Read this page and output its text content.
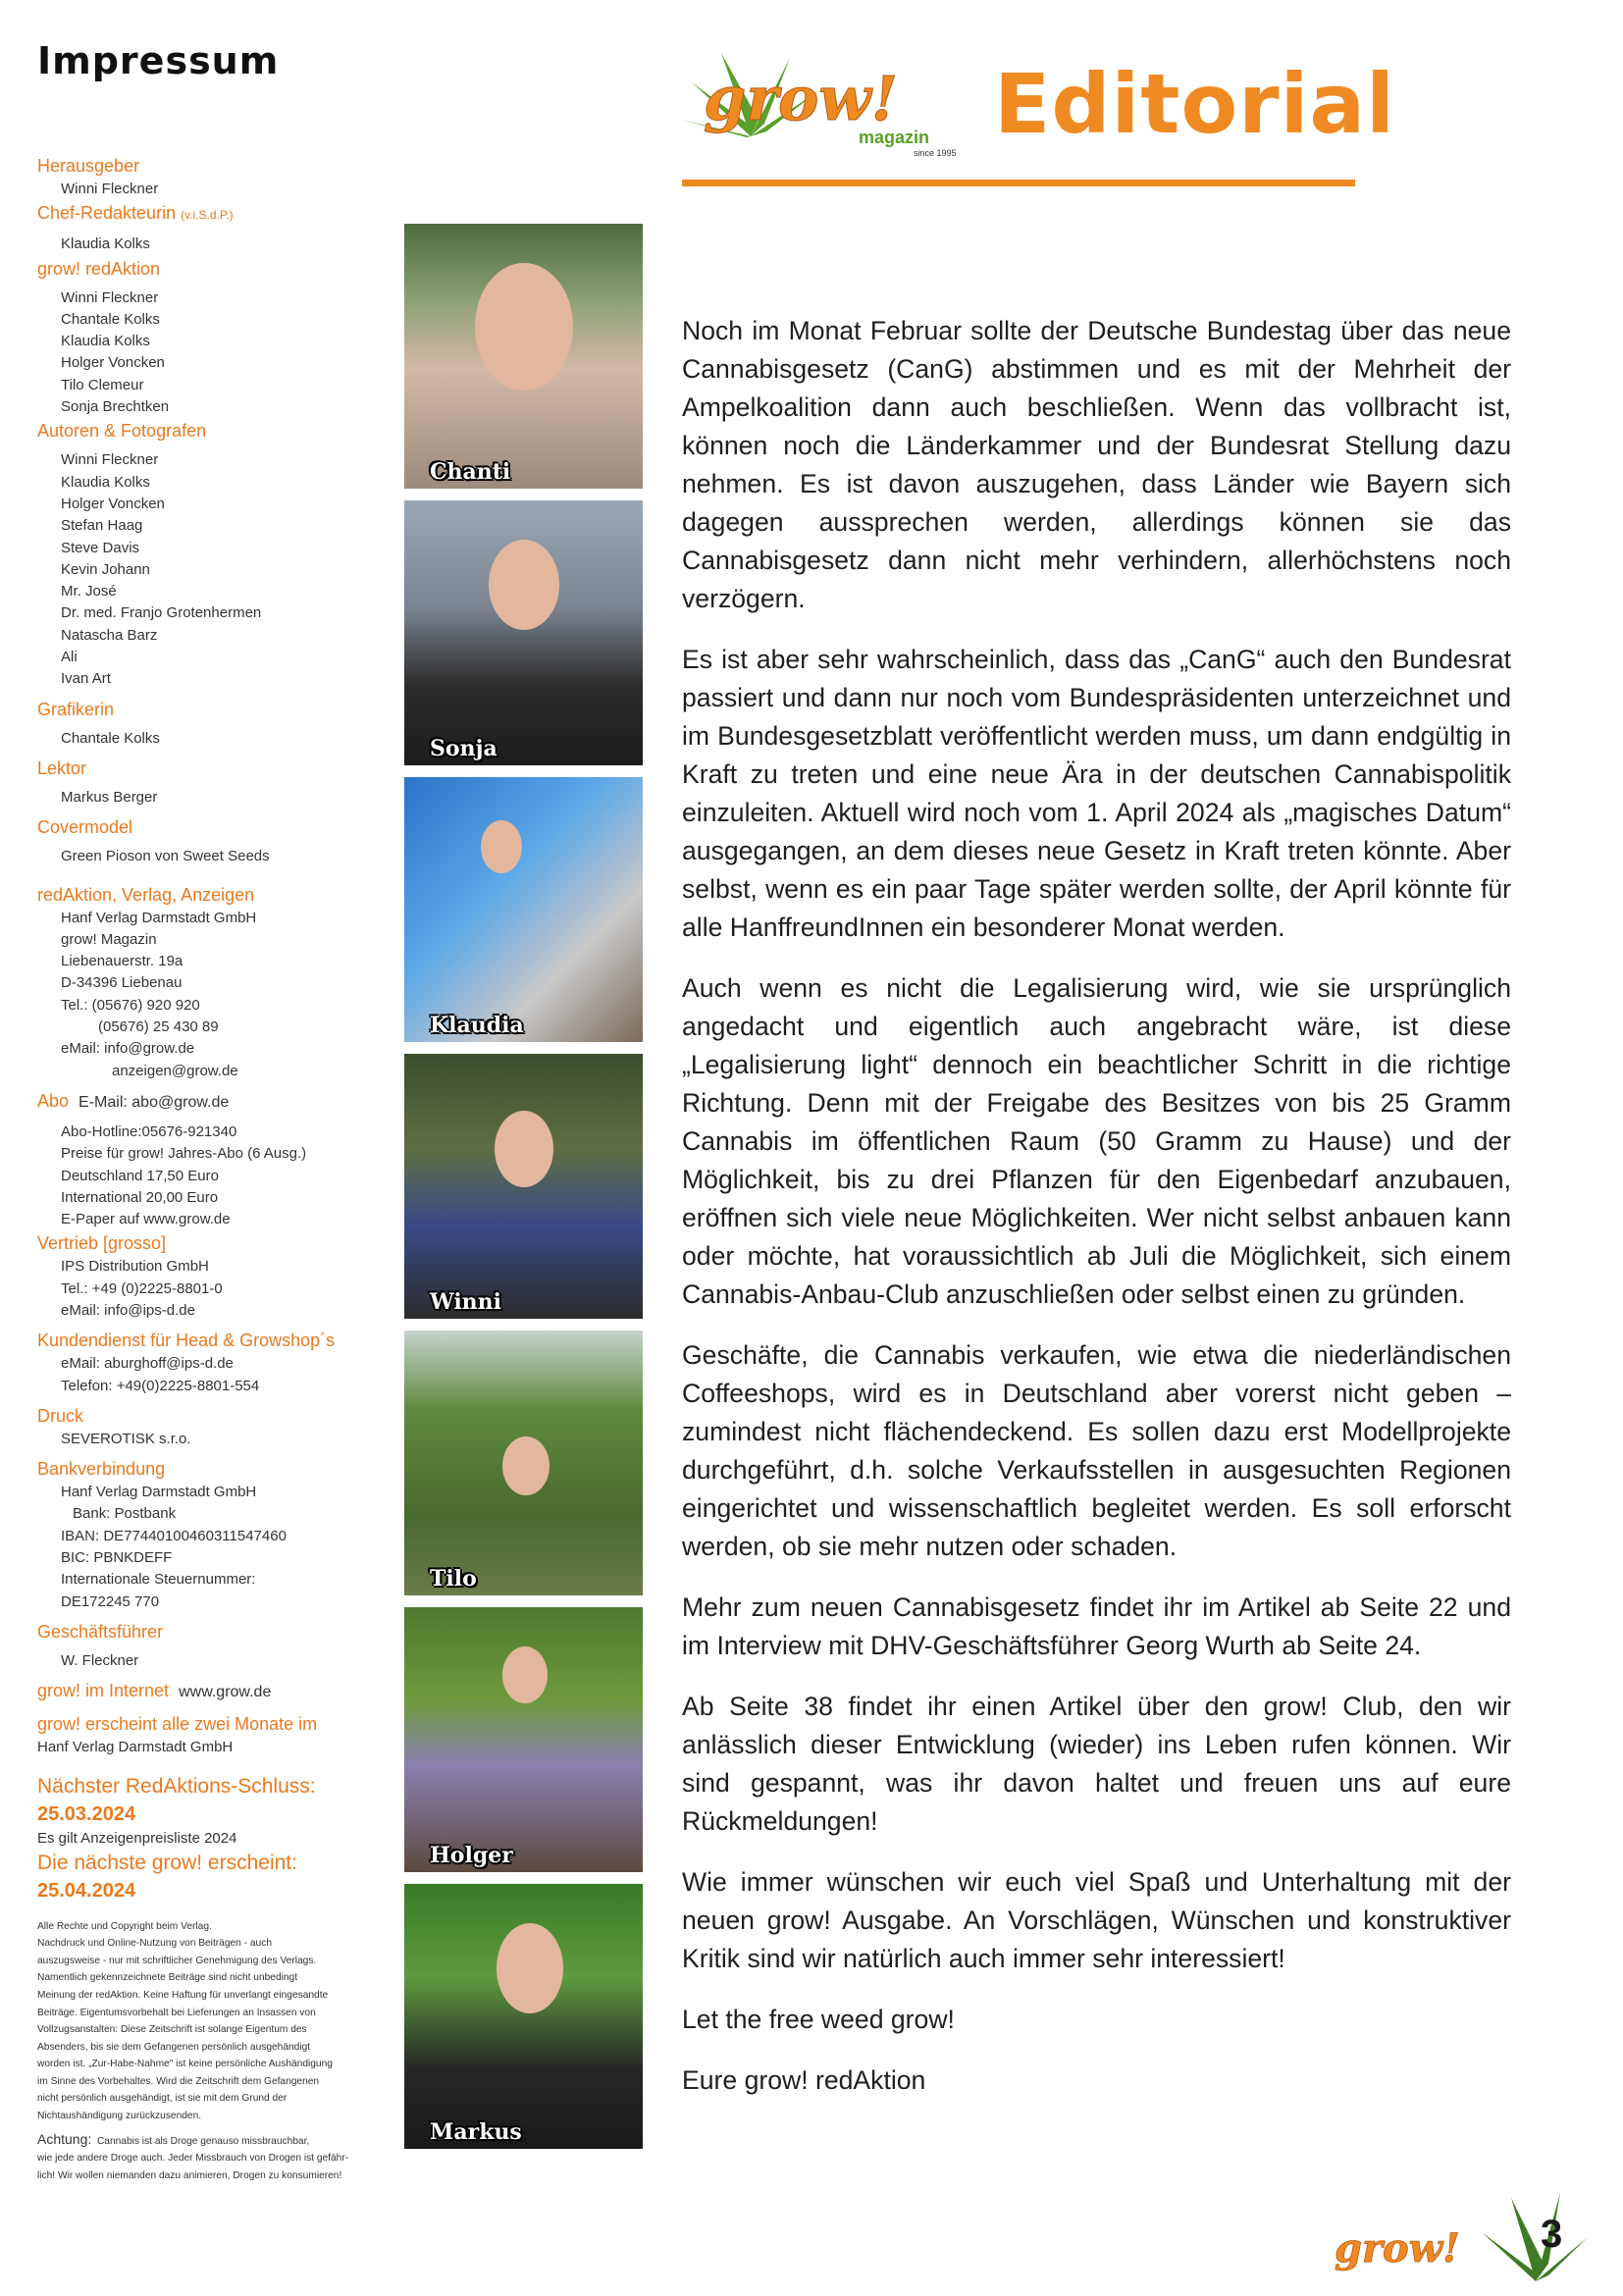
Impressum

Herausgeber

Winni Fleckner

Chef-Redakteurin (v.i.S.d.P.)

Klaudia Kolks

grow! redAktion

Winni Fleckner

Chantale Kolks

Klaudia Kolks

Holger Voncken

Tilo Clemeur

Sonja Brechtken

Autoren & Fotografen

Winni Fleckner

Klaudia Kolks

Holger Voncken

Stefan Haag

Steve Davis

Kevin Johann

Mr. José

Dr. med. Franjo Grotenhermen

Natascha Barz

Ali

Ivan Art

Grafikerin

Chantale Kolks

Lektor

Markus Berger

Covermodel

Green Pioson von Sweet Seeds

redAktion, Verlag, Anzeigen

Hanf Verlag Darmstadt GmbH

grow! Magazin

Liebenauerstr. 19a

D-34396 Liebenau

Tel.: (05676) 920 920

(05676) 25 430 89

eMail: info@grow.de

anzeigen@grow.de

Abo E-Mail: abo@grow.de

Abo-Hotline:05676-921340

Preise für grow! Jahres-Abo (6 Ausg.)

Deutschland 17,50 Euro

International 20,00 Euro

E-Paper auf www.grow.de

Vertrieb [grosso]

IPS Distribution GmbH

Tel.: +49 (0)2225-8801-0

eMail: info@ips-d.de

Kundendienst für Head & Growshop´s

eMail: aburghoff@ips-d.de

Telefon: +49(0)2225-8801-554

Druck

SEVEROTISK s.r.o.

Bankverbindung

Hanf Verlag Darmstadt GmbH

Bank: Postbank

IBAN: DE77440100460311547460

BIC: PBNKDEFF

Internationale Steuernummer:

DE172245 770

Geschäftsführer

W. Fleckner

grow! im Internet www.grow.de

grow! erscheint alle zwei Monate im

Hanf Verlag Darmstadt GmbH

Nächster RedAktions-Schluss:

25.03.2024

Es gilt Anzeigenpreisliste 2024

Die nächste grow! erscheint:

25.04.2024

Alle Rechte und Copyright beim Verlag.

Nachdruck und Online-Nutzung von Beiträgen - auch

auszugsweise - nur mit schriftlicher Genehmigung des Verlags.

Namentlich gekennzeichnete Beiträge sind nicht unbedingt

Meinung der redAktion. Keine Haftung für unverlangt eingesandte

Beiträge. Eigentumsvorbehalt bei Lieferungen an Insassen von

Vollzugsanstalten: Diese Zeitschrift ist solange Eigentum des

Absenders, bis sie dem Gefangenen persönlich ausgehändigt

worden ist. „Zur-Habe-Nahme" ist keine persönliche Aushändigung

im Sinne des Vorbehaltes. Wird die Zeitschrift dem Gefangenen

nicht persönlich ausgehändigt, ist sie mit dem Grund der

Nichtaushändigung zurückzusenden.

Achtung: Cannabis ist als Droge genauso missbrauchbar,

wie jede andere Droge auch. Jeder Missbrauch von Drogen ist gefähr-

lich! Wir wollen niemanden dazu animieren, Drogen zu konsumieren!

Chanti
Sonja
Klaudia
Winni
Tilo
Holger
Markus
grow!
magazin
since 1995
Editorial

Noch im Monat Februar sollte der Deutsche Bundestag über das neue Cannabisgesetz (CanG) abstimmen und es mit der Mehrheit der Ampelkoalition dann auch beschließen. Wenn das vollbracht ist, können noch die Länderkammer und der Bundesrat Stellung dazu nehmen. Es ist davon auszugehen, dass Länder wie Bayern sich dagegen aussprechen werden, allerdings können sie das Cannabisgesetz dann nicht mehr verhindern, allerhöchstens noch verzögern.

Es ist aber sehr wahrscheinlich, dass das „CanG“ auch den Bundesrat passiert und dann nur noch vom Bundespräsidenten unterzeichnet und im Bundesgesetzblatt veröffentlicht werden muss, um dann endgültig in Kraft zu treten und eine neue Ära in der deutschen Cannabispolitik einzuleiten. Aktuell wird noch vom 1. April 2024 als „magisches Datum“ ausgegangen, an dem dieses neue Gesetz in Kraft treten könnte. Aber selbst, wenn es ein paar Tage später werden sollte, der April könnte für alle HanffreundInnen ein besonderer Monat werden.

Auch wenn es nicht die Legalisierung wird, wie sie ursprünglich angedacht und eigentlich auch angebracht wäre, ist diese „Legalisierung light“ dennoch ein beachtlicher Schritt in die richtige Richtung. Denn mit der Freigabe des Besitzes von bis 25 Gramm Cannabis im öffentlichen Raum (50 Gramm zu Hause) und der Möglichkeit, bis zu drei Pflanzen für den Eigenbedarf anzubauen, eröffnen sich viele neue Möglichkeiten. Wer nicht selbst anbauen kann oder möchte, hat voraussichtlich ab Juli die Möglichkeit, sich einem Cannabis-Anbau-Club anzuschließen oder selbst einen zu gründen.

Geschäfte, die Cannabis verkaufen, wie etwa die niederländischen Coffeeshops, wird es in Deutschland aber vorerst nicht geben – zumindest nicht flächendeckend. Es sollen dazu erst Modellprojekte durchgeführt, d.h. solche Verkaufsstellen in ausgesuchten Regionen eingerichtet und wissenschaftlich begleitet werden. Es soll erforscht werden, ob sie mehr nutzen oder schaden.

Mehr zum neuen Cannabisgesetz findet ihr im Artikel ab Seite 22 und im Interview mit DHV-Geschäftsführer Georg Wurth ab Seite 24.

Ab Seite 38 findet ihr einen Artikel über den grow! Club, den wir anlässlich dieser Entwicklung (wieder) ins Leben rufen können. Wir sind gespannt, was ihr davon haltet und freuen uns auf eure Rückmeldungen!

Wie immer wünschen wir euch viel Spaß und Unterhaltung mit der neuen grow! Ausgabe. An Vorschlägen, Wünschen und konstruktiver Kritik sind wir natürlich auch immer sehr interessiert!

Let the free weed grow!

Eure grow! redAktion

grow! 3
